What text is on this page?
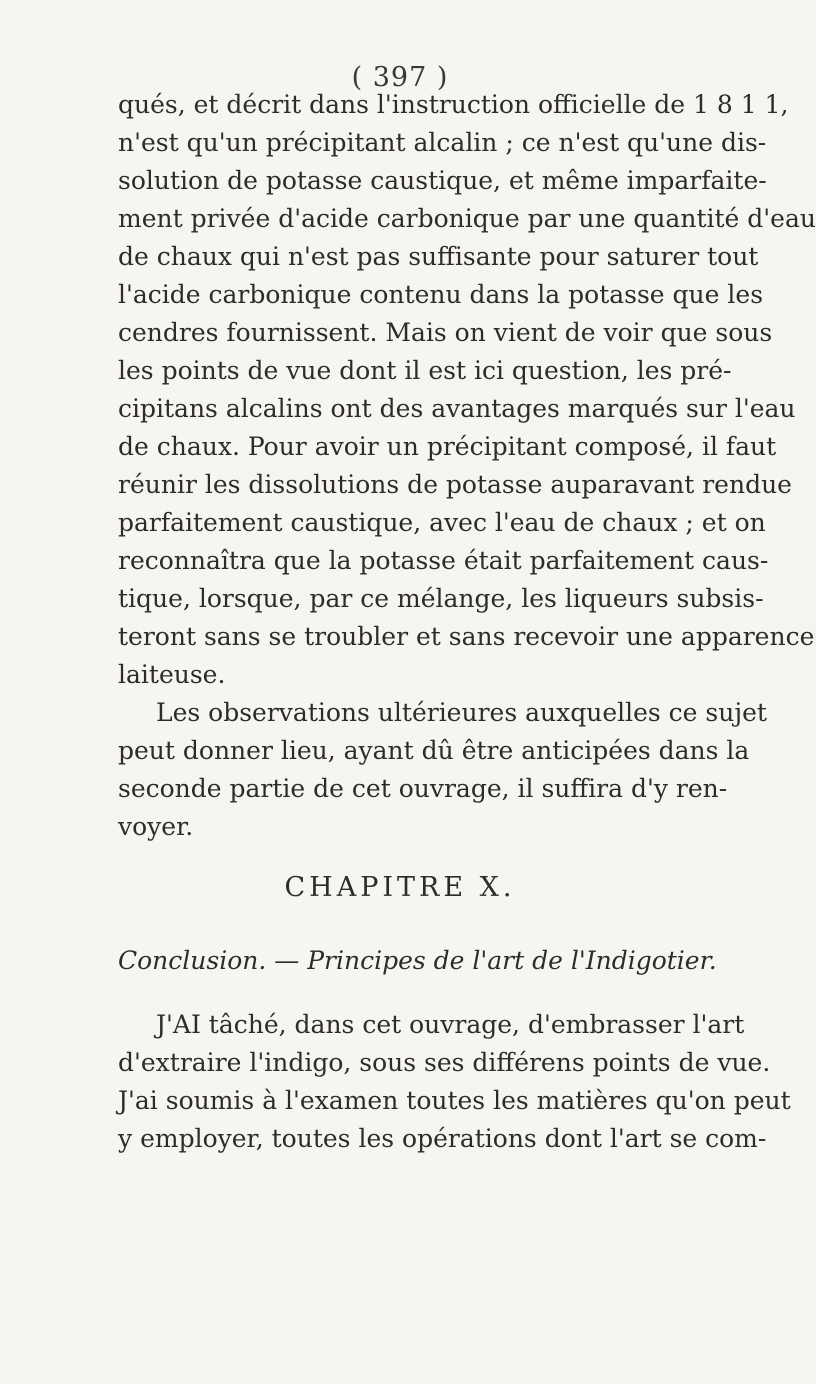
( 397 )
qués, et décrit dans l'instruction officielle de 1 8 1 1,
n'est qu'un précipitant alcalin ; ce n'est qu'une dis-
solution de potasse caustique, et même imparfaite-
ment privée d'acide carbonique par une quantité d'eau
de chaux qui n'est pas suffisante pour saturer tout
l'acide carbonique contenu dans la potasse que les
cendres fournissent. Mais on vient de voir que sous
les points de vue dont il est ici question, les pré-
cipitans alcalins ont des avantages marqués sur l'eau
de chaux. Pour avoir un précipitant composé, il faut
réunir les dissolutions de potasse auparavant rendue
parfaitement caustique, avec l'eau de chaux ; et on
reconnaîtra que la potasse était parfaitement caus-
tique, lorsque, par ce mélange, les liqueurs subsis-
teront sans se troubler et sans recevoir une apparence
laiteuse.
Les observations ultérieures auxquelles ce sujet
peut donner lieu, ayant dû être anticipées dans la
seconde partie de cet ouvrage, il suffira d'y ren-
voyer.
CHAPITRE X.
Conclusion. — Principes de l'art de l'Indigotier.
J'AI tâché, dans cet ouvrage, d'embrasser l'art
d'extraire l'indigo, sous ses différens points de vue.
J'ai soumis à l'examen toutes les matières qu'on peut
y employer, toutes les opérations dont l'art se com-
